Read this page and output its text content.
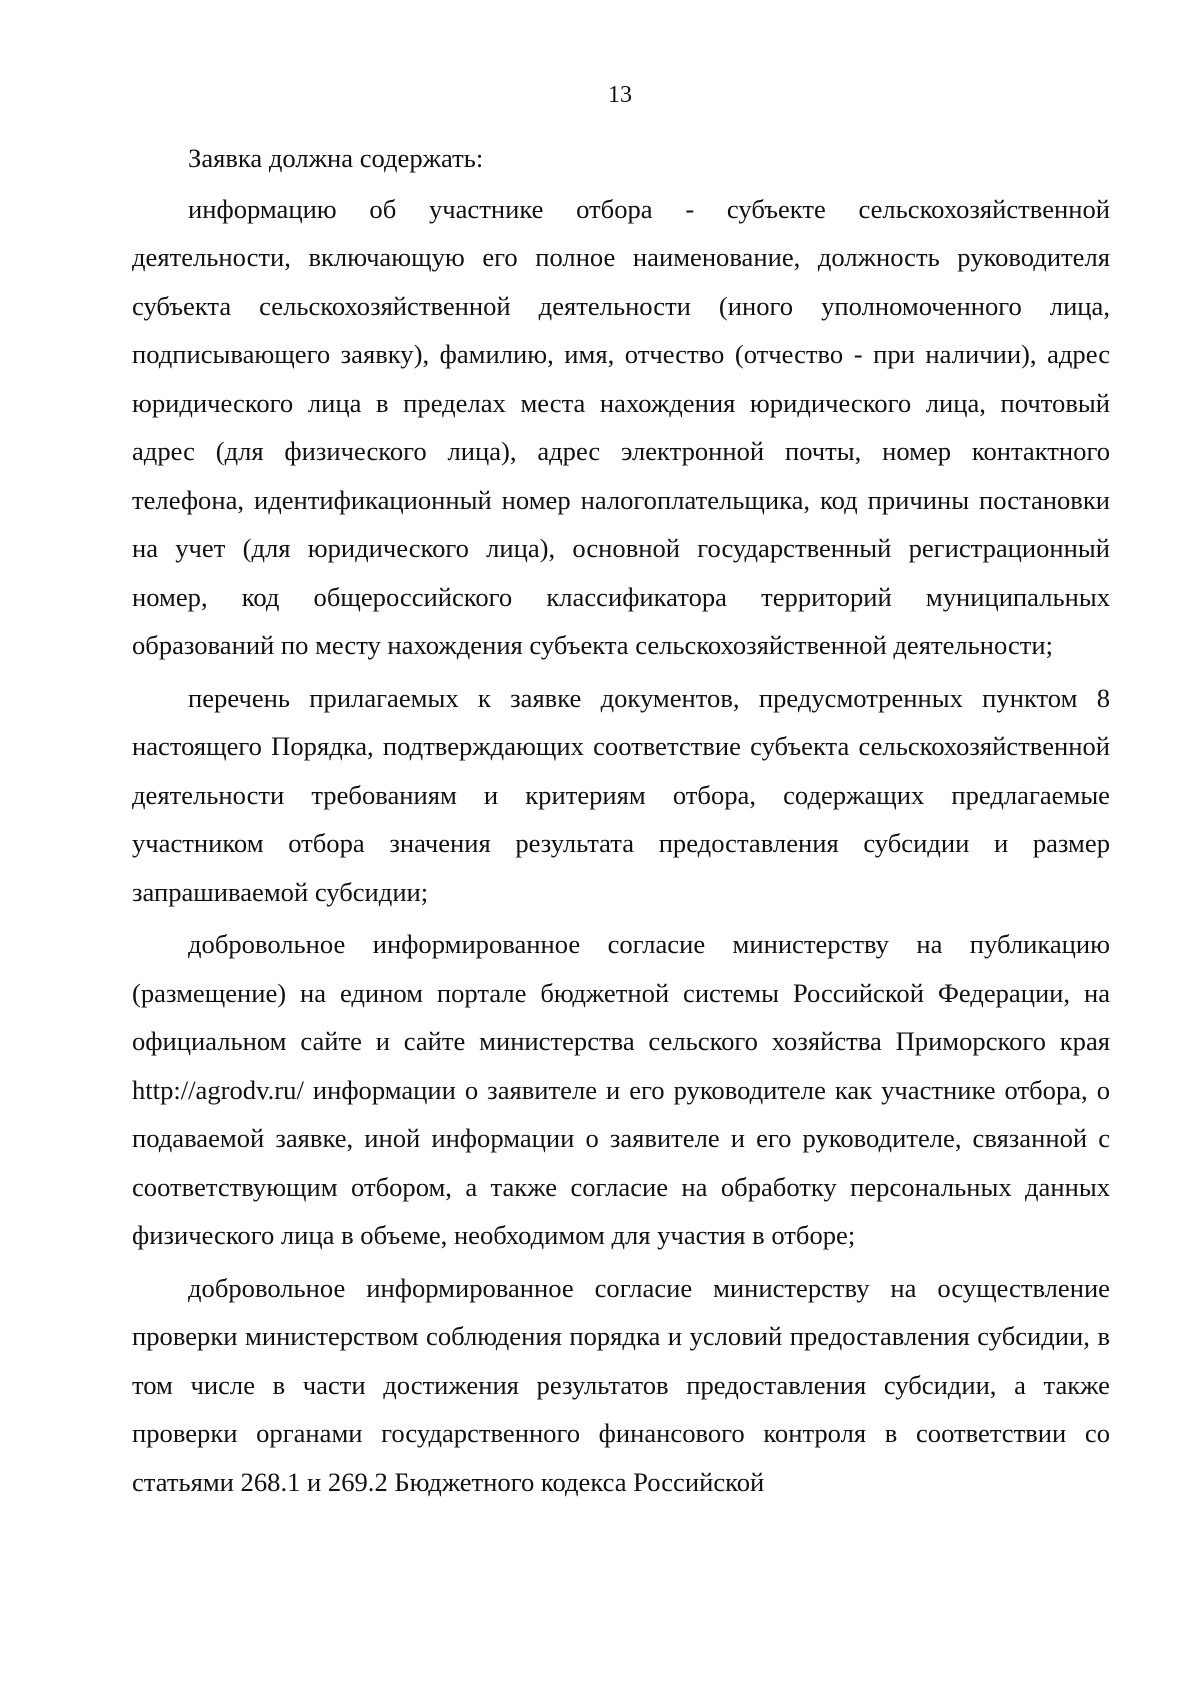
13

Заявка должна содержать:

информацию об участнике отбора - субъекте сельскохозяйственной деятельности, включающую его полное наименование, должность руководителя субъекта сельскохозяйственной деятельности (иного уполномоченного лица, подписывающего заявку), фамилию, имя, отчество (отчество - при наличии), адрес юридического лица в пределах места нахождения юридического лица, почтовый адрес (для физического лица), адрес электронной почты, номер контактного телефона, идентификационный номер налогоплательщика, код причины постановки на учет (для юридического лица), основной государственный регистрационный номер, код общероссийского классификатора территорий муниципальных образований по месту нахождения субъекта сельскохозяйственной деятельности;

перечень прилагаемых к заявке документов, предусмотренных пунктом 8 настоящего Порядка, подтверждающих соответствие субъекта сельскохозяйственной деятельности требованиям и критериям отбора, содержащих предлагаемые участником отбора значения результата предоставления субсидии и размер запрашиваемой субсидии;

добровольное информированное согласие министерству на публикацию (размещение) на едином портале бюджетной системы Российской Федерации, на официальном сайте и сайте министерства сельского хозяйства Приморского края http://agrodv.ru/ информации о заявителе и его руководителе как участнике отбора, о подаваемой заявке, иной информации о заявителе и его руководителе, связанной с соответствующим отбором, а также согласие на обработку персональных данных физического лица в объеме, необходимом для участия в отборе;

добровольное информированное согласие министерству на осуществление проверки министерством соблюдения порядка и условий предоставления субсидии, в том числе в части достижения результатов предоставления субсидии, а также проверки органами государственного финансового контроля в соответствии со статьями 268.1 и 269.2 Бюджетного кодекса Российской
